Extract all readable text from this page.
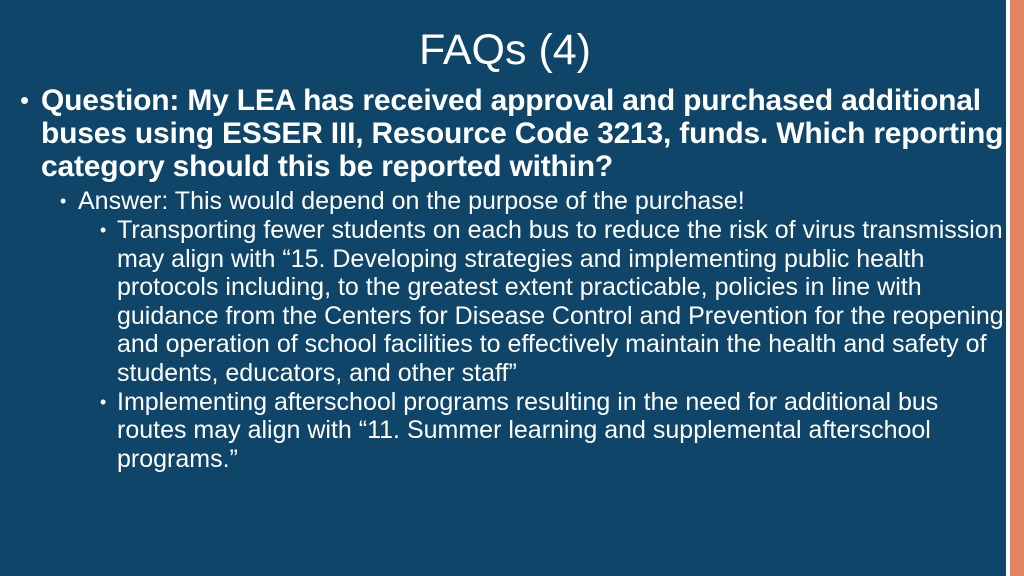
FAQs (4)
• Question: My LEA has received approval and purchased additional buses using ESSER III, Resource Code 3213, funds. Which reporting category should this be reported within?
• Answer: This would depend on the purpose of the purchase!
• Transporting fewer students on each bus to reduce the risk of virus transmission may align with “15. Developing strategies and implementing public health protocols including, to the greatest extent practicable, policies in line with guidance from the Centers for Disease Control and Prevention for the reopening and operation of school facilities to effectively maintain the health and safety of students, educators, and other staff”
• Implementing afterschool programs resulting in the need for additional bus routes may align with “11. Summer learning and supplemental afterschool programs.”
